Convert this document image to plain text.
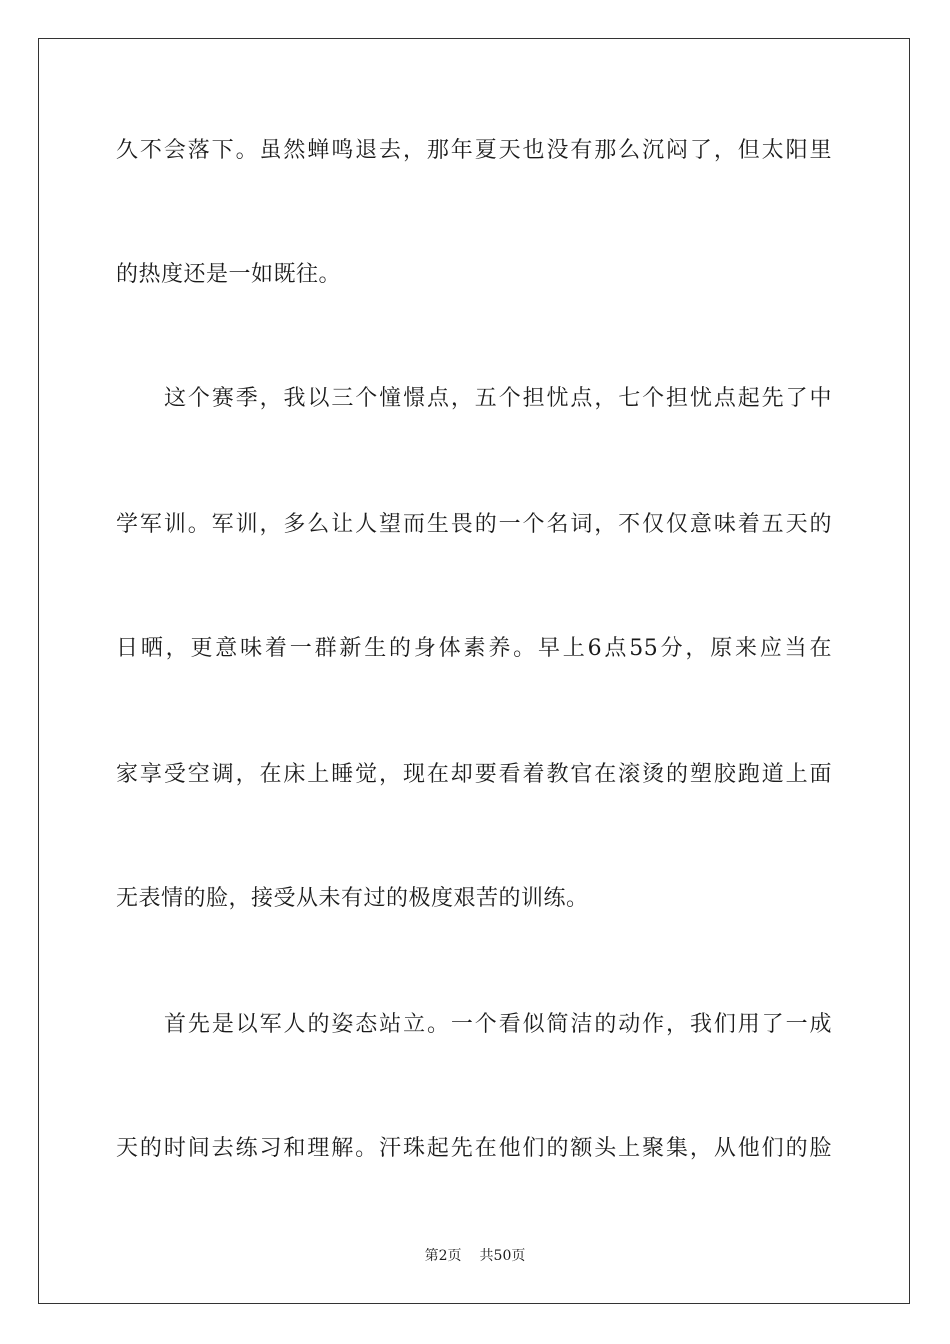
久不会落下。虽然蝉鸣退去，那年夏天也没有那么沉闷了，但太阳里
的热度还是一如既往。
这个赛季，我以三个憧憬点，五个担忧点，七个担忧点起先了中
学军训。军训，多么让人望而生畏的一个名词，不仅仅意味着五天的
日晒，更意味着一群新生的身体素养。早上6点55分，原来应当在
家享受空调，在床上睡觉，现在却要看着教官在滚烫的塑胶跑道上面
无表情的脸，接受从未有过的极度艰苦的训练。
首先是以军人的姿态站立。一个看似简洁的动作，我们用了一成
天的时间去练习和理解。汗珠起先在他们的额头上聚集，从他们的脸
第2页 共50页
